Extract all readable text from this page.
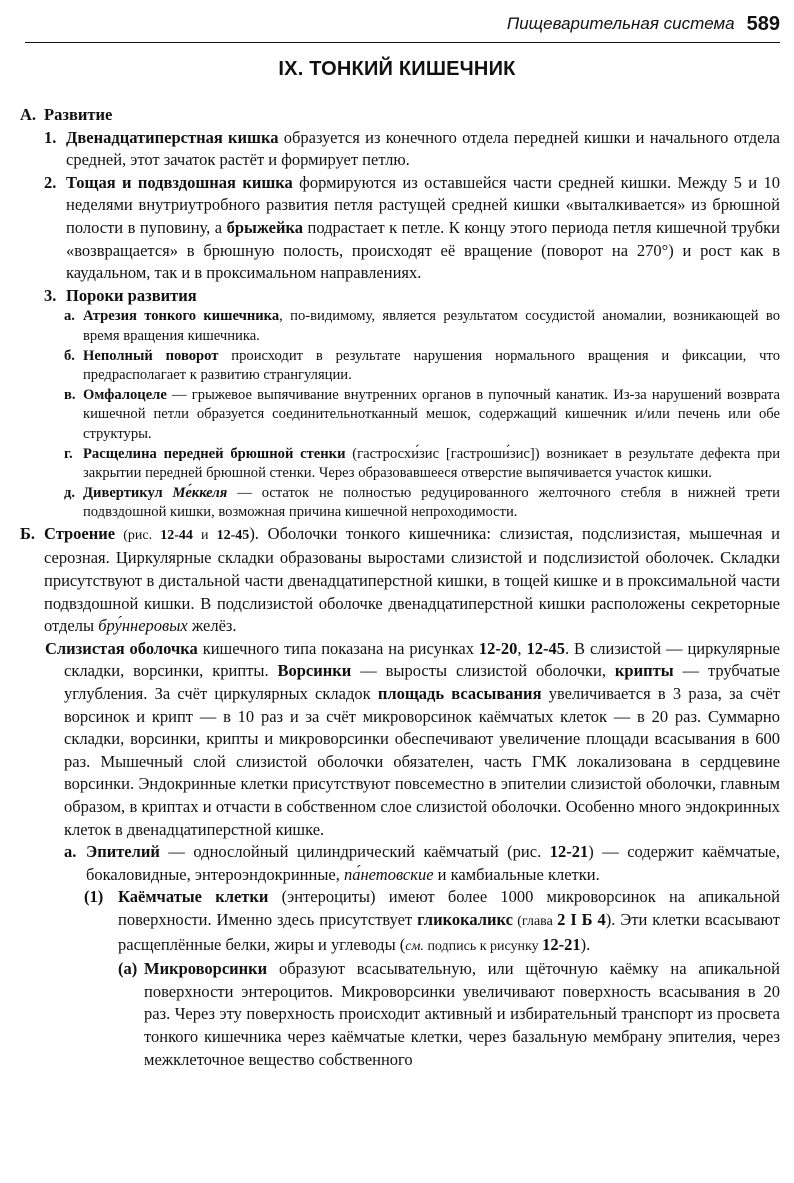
Пищеварительная система 589
IX. ТОНКИЙ КИШЕЧНИК

А. Развитие

1. Двенадцатиперстная кишка образуется из конечного отдела передней кишки и начального отдела средней, этот зачаток растёт и формирует петлю.

2. Тощая и подвздошная кишка формируются из оставшейся части средней кишки. Между 5 и 10 неделями внутриутробного развития петля растущей средней кишки «выталкивается» из брюшной полости в пуповину, а брыжейка подрастает к петле. К концу этого периода петля кишечной трубки «возвращается» в брюшную полость, происходят её вращение (поворот на 270°) и рост как в каудальном, так и в проксимальном направлениях.

3. Пороки развития

а. Атрезия тонкого кишечника, по-видимому, является результатом сосудистой аномалии, возникающей во время вращения кишечника.

б. Неполный поворот происходит в результате нарушения нормального вращения и фиксации, что предрасполагает к развитию странгуляции.

в. Омфалоцеле — грыжевое выпячивание внутренних органов в пупочный канатик. Из-за нарушений возврата кишечной петли образуется соединительнотканный мешок, содержащий кишечник и/или печень или обе структуры.

г. Расщелина передней брюшной стенки (гастросхи́зис [гастроши́зис]) возникает в результате дефекта при закрытии передней брюшной стенки. Через образовавшееся отверстие выпячивается участок кишки.

д. Дивертикул Ме́ккеля — остаток не полностью редуцированного желточного стебля в нижней трети подвздошной кишки, возможная причина кишечной непроходимости.

Б. Строение (рис. 12-44 и 12-45). Оболочки тонкого кишечника: слизистая, подслизистая, мышечная и серозная. Циркулярные складки образованы выростами слизистой и подслизистой оболочек. Складки присутствуют в дистальной части двенадцатиперстной кишки, в тощей кишке и в проксимальной части подвздошной кишки. В подслизистой оболочке двенадцатиперстной кишки расположены секреторные отделы бру́ннеровых желёз.

Слизистая оболочка кишечного типа показана на рисунках 12-20, 12-45. В слизистой — циркулярные складки, ворсинки, крипты. Ворсинки — выросты слизистой оболочки, крипты — трубчатые углубления. За счёт циркулярных складок площадь всасывания увеличивается в 3 раза, за счёт ворсинок и крипт — в 10 раз и за счёт микроворсинок каёмчатых клеток — в 20 раз. Суммарно складки, ворсинки, крипты и микроворсинки обеспечивают увеличение площади всасывания в 600 раз. Мышечный слой слизистой оболочки обязателен, часть ГМК локализована в сердцевине ворсинки. Эндокринные клетки присутствуют повсеместно в эпителии слизистой оболочки, главным образом, в криптах и отчасти в собственном слое слизистой оболочки. Особенно много эндокринных клеток в двенадцатиперстной кишке.

а. Эпителий — однослойный цилиндрический каёмчатый (рис. 12-21) — содержит каёмчатые, бокаловидные, энтероэндокринные, па́нетовские и камбиальные клетки.

(1) Каёмчатые клетки (энтероциты) имеют более 1000 микроворсинок на апикальной поверхности. Именно здесь присутствует гликокаликс (глава 2 I Б 4). Эти клетки всасывают расщеплённые белки, жиры и углеводы (см. подпись к рисунку 12-21).

(а) Микроворсинки образуют всасывательную, или щёточную каёмку на апикальной поверхности энтероцитов. Микроворсинки увеличивают поверхность всасывания в 20 раз. Через эту поверхность происходит активный и избирательный транспорт из просвета тонкого кишечника через каёмчатые клетки, через базальную мембрану эпителия, через межклеточное вещество собственного
